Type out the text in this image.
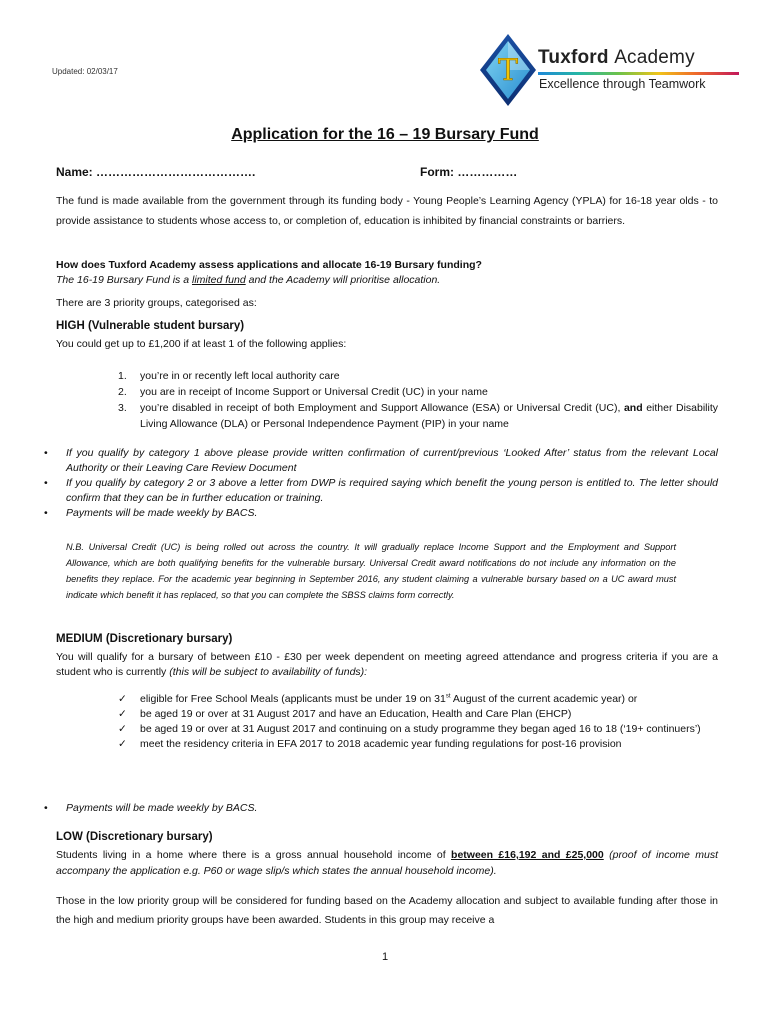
Updated: 02/03/17	T Tuxford Academy
Excellence through Teamwork
Application for the 16 – 19 Bursary Fund
Name: ………………………………….	Form: ……………
The fund is made available from the government through its funding body - Young People’s Learning Agency (YPLA) for 16-18 year olds - to provide assistance to students whose access to, or completion of, education is inhibited by financial constraints or barriers.
How does Tuxford Academy assess applications and allocate 16-19 Bursary funding?
The 16-19 Bursary Fund is a limited fund and the Academy will prioritise allocation.
There are 3 priority groups, categorised as:
HIGH (Vulnerable student bursary)
You could get up to £1,200 if at least 1 of the following applies:
1. you’re in or recently left local authority care
2. you are in receipt of Income Support or Universal Credit (UC) in your name
3. you’re disabled in receipt of both Employment and Support Allowance (ESA) or Universal Credit (UC), and either Disability Living Allowance (DLA) or Personal Independence Payment (PIP) in your name
• If you qualify by category 1 above please provide written confirmation of current/previous ‘Looked After’ status from the relevant Local Authority or their Leaving Care Review Document
• If you qualify by category 2 or 3 above a letter from DWP is required saying which benefit the young person is entitled to. The letter should confirm that they can be in further education or training.
• Payments will be made weekly by BACS.
N.B. Universal Credit (UC) is being rolled out across the country. It will gradually replace Income Support and the Employment and Support Allowance, which are both qualifying benefits for the vulnerable bursary. Universal Credit award notifications do not include any information on the benefits they replace. For the academic year beginning in September 2016, any student claiming a vulnerable bursary based on a UC award must indicate which benefit it has replaced, so that you can complete the SBSS claims form correctly.
MEDIUM (Discretionary bursary)
You will qualify for a bursary of between £10 - £30 per week dependent on meeting agreed attendance and progress criteria if you are a student who is currently (this will be subject to availability of funds):
✓ eligible for Free School Meals (applicants must be under 19 on 31st August of the current academic year) or
✓ be aged 19 or over at 31 August 2017 and have an Education, Health and Care Plan (EHCP)
✓ be aged 19 or over at 31 August 2017 and continuing on a study programme they began aged 16 to 18 (‘19+ continuers’)
✓ meet the residency criteria in EFA 2017 to 2018 academic year funding regulations for post-16 provision
• Payments will be made weekly by BACS.
LOW (Discretionary bursary)
Students living in a home where there is a gross annual household income of between £16,192 and £25,000 (proof of income must accompany the application e.g. P60 or wage slip/s which states the annual household income).
Those in the low priority group will be considered for funding based on the Academy allocation and subject to available funding after those in the high and medium priority groups have been awarded. Students in this group may receive a
1
